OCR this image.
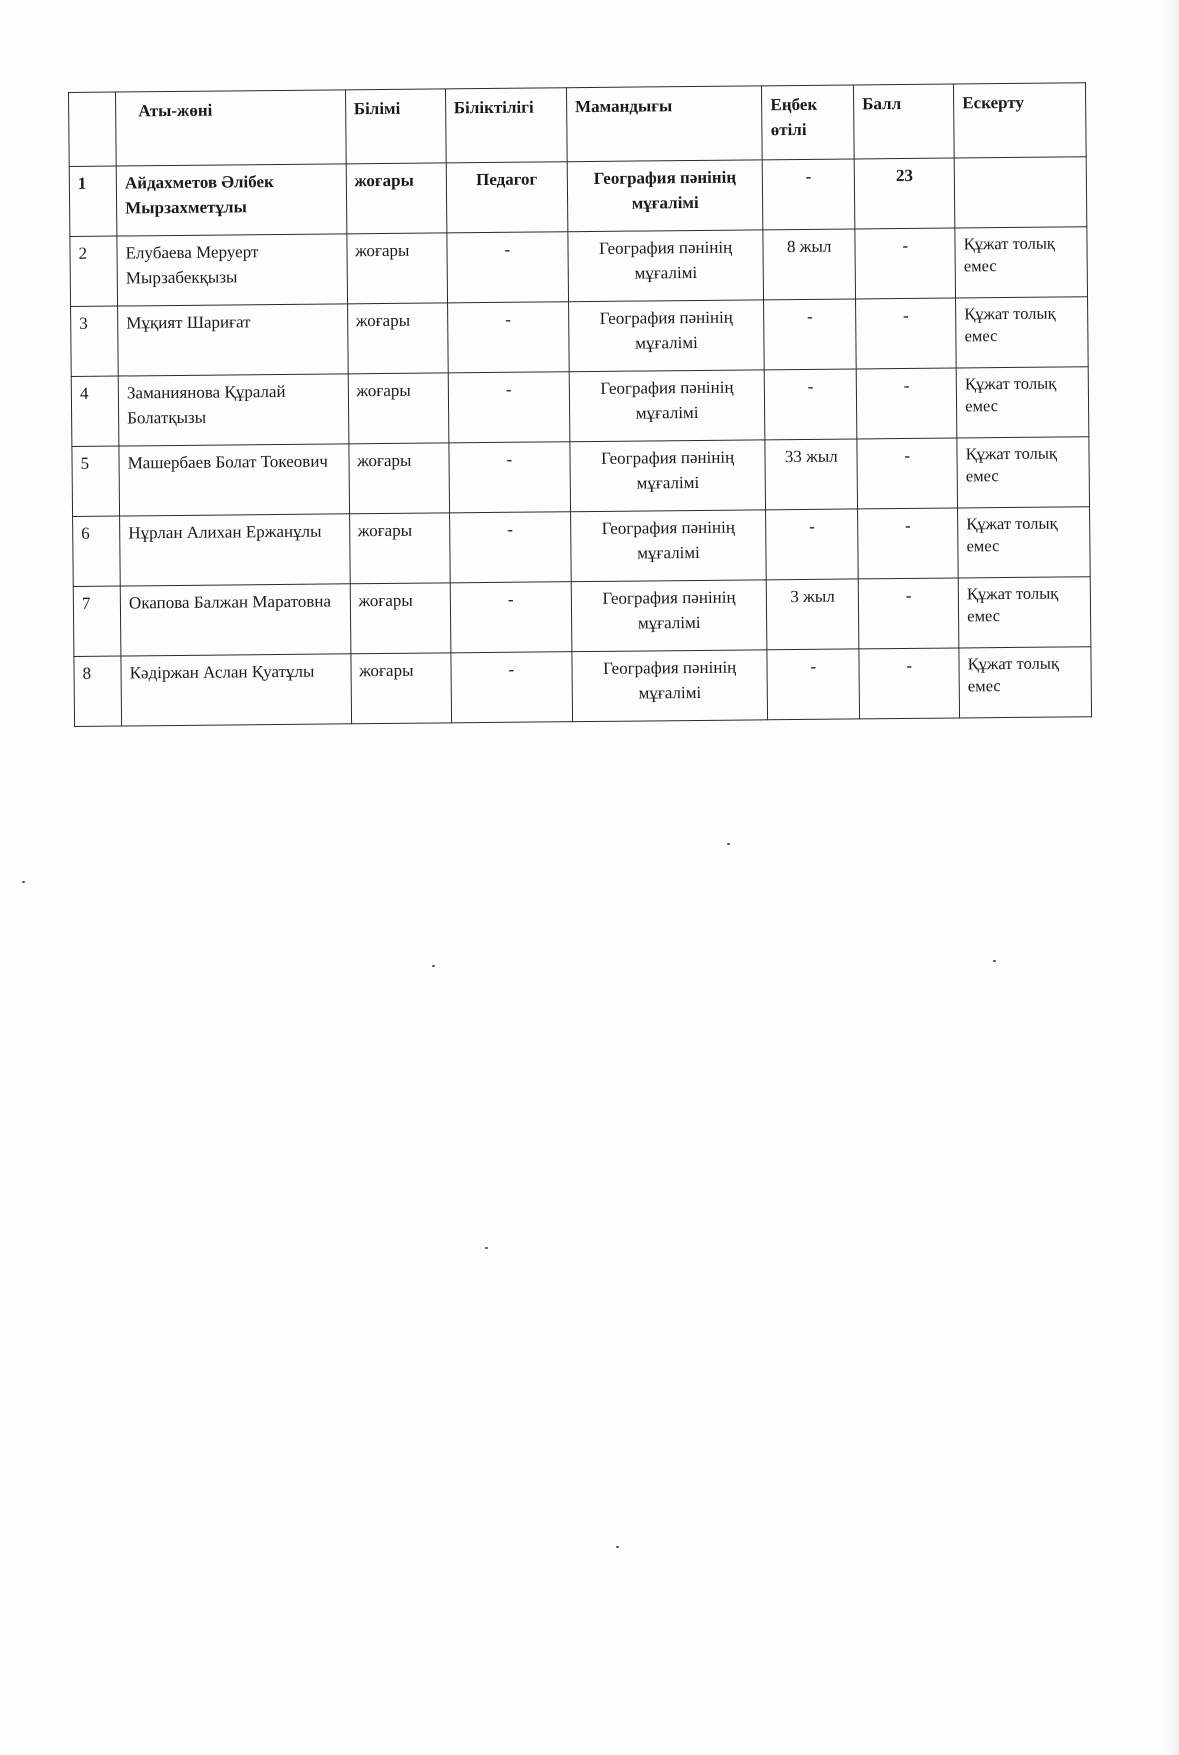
	Аты-жөні	Білімі	Біліктілігі	Мамандығы	Еңбек өтілі	Балл	Ескерту
1	Айдахметов Әлібек Мырзахметұлы	жоғары	Педагог	География пәнінің мұғалімі	-	23	
2	Елубаева Меруерт Мырзабекқызы	жоғары	-	География пәнінің мұғалімі	8 жыл	-	Құжат толық емес
3	Мұқият Шариғат	жоғары	-	География пәнінің мұғалімі	-	-	Құжат толық емес
4	Заманиянова Құралай Болатқызы	жоғары	-	География пәнінің мұғалімі	-	-	Құжат толық емес
5	Машербаев Болат Токеович	жоғары	-	География пәнінің мұғалімі	33 жыл	-	Құжат толық емес
6	Нұрлан Алихан Ержанұлы	жоғары	-	География пәнінің мұғалімі	-	-	Құжат толық емес
7	Окапова Балжан Маратовна	жоғары	-	География пәнінің мұғалімі	3 жыл	-	Құжат толық емес
8	Кәдіржан Аслан Қуатұлы	жоғары	-	География пәнінің мұғалімі	-	-	Құжат толық емес
